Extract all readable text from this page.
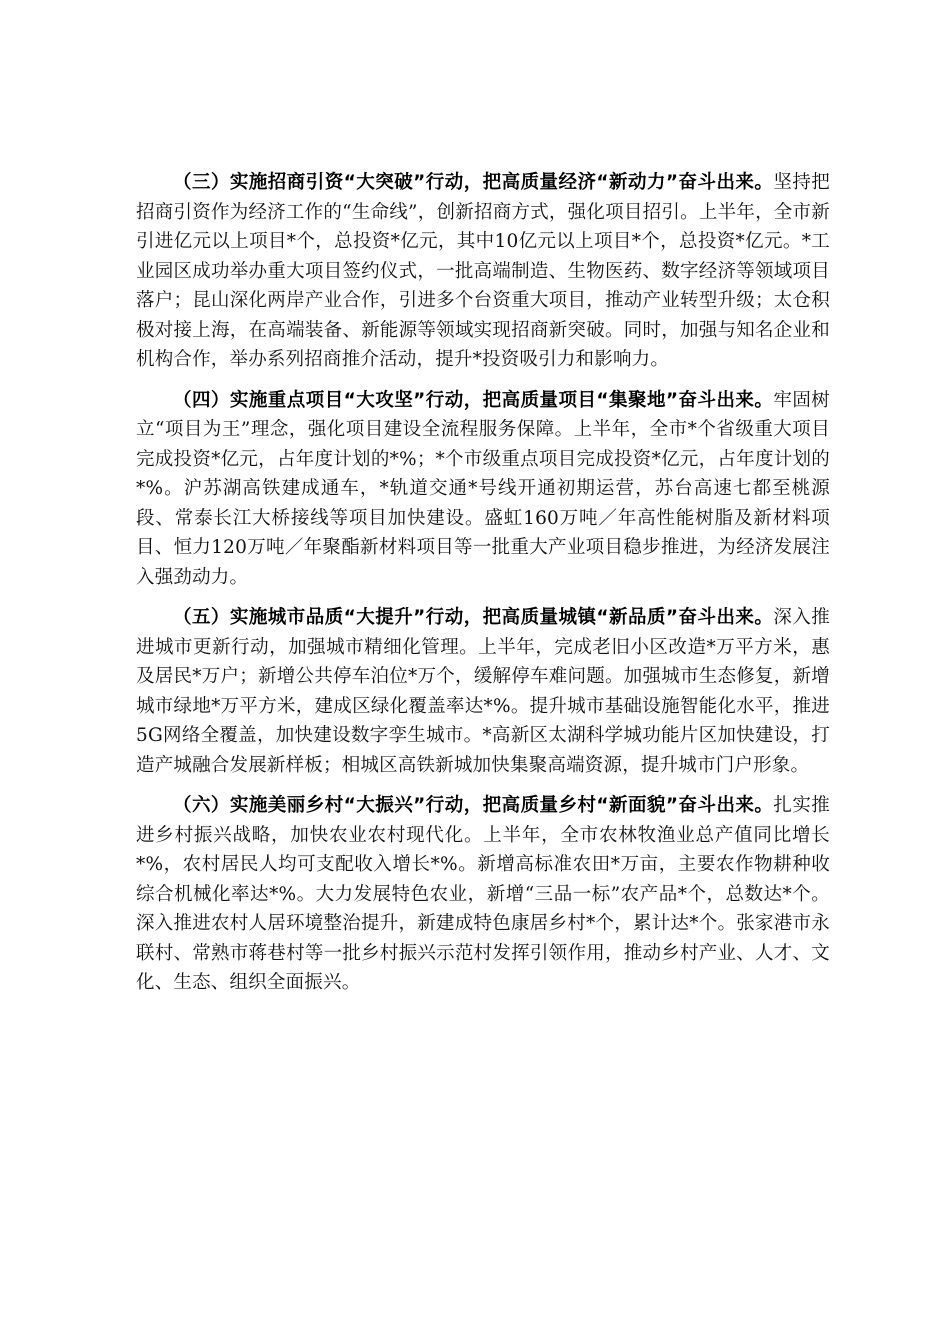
（三）实施招商引资“大突破”行动，把高质量经济“新动力”奋斗出来。坚持把招商引资作为经济工作的“生命线”，创新招商方式，强化项目招引。上半年，全市新引进亿元以上项目*个，总投资*亿元，其中10亿元以上项目*个，总投资*亿元。*工业园区成功举办重大项目签约仪式，一批高端制造、生物医药、数字经济等领域项目落户；昆山深化两岸产业合作，引进多个台资重大项目，推动产业转型升级；太仓积极对接上海，在高端装备、新能源等领域实现招商新突破。同时，加强与知名企业和机构合作，举办系列招商推介活动，提升*投资吸引力和影响力。

（四）实施重点项目“大攻坚”行动，把高质量项目“集聚地”奋斗出来。牢固树立“项目为王”理念，强化项目建设全流程服务保障。上半年，全市*个省级重大项目完成投资*亿元，占年度计划的*%；*个市级重点项目完成投资*亿元，占年度计划的*%。沪苏湖高铁建成通车，*轨道交通*号线开通初期运营，苏台高速七都至桃源段、常泰长江大桥接线等项目加快建设。盛虹160万吨／年高性能树脂及新材料项目、恒力120万吨／年聚酯新材料项目等一批重大产业项目稳步推进，为经济发展注入强劲动力。

（五）实施城市品质“大提升”行动，把高质量城镇“新品质”奋斗出来。深入推进城市更新行动，加强城市精细化管理。上半年，完成老旧小区改造*万平方米，惠及居民*万户；新增公共停车泊位*万个，缓解停车难问题。加强城市生态修复，新增城市绿地*万平方米，建成区绿化覆盖率达*%。提升城市基础设施智能化水平，推进5G网络全覆盖，加快建设数字孪生城市。*高新区太湖科学城功能片区加快建设，打造产城融合发展新样板；相城区高铁新城加快集聚高端资源，提升城市门户形象。

（六）实施美丽乡村“大振兴”行动，把高质量乡村“新面貌”奋斗出来。扎实推进乡村振兴战略，加快农业农村现代化。上半年，全市农林牧渔业总产值同比增长*%，农村居民人均可支配收入增长*%。新增高标准农田*万亩，主要农作物耕种收综合机械化率达*%。大力发展特色农业，新增“三品一标”农产品*个，总数达*个。深入推进农村人居环境整治提升，新建成特色康居乡村*个，累计达*个。张家港市永联村、常熟市蒋巷村等一批乡村振兴示范村发挥引领作用，推动乡村产业、人才、文化、生态、组织全面振兴。
